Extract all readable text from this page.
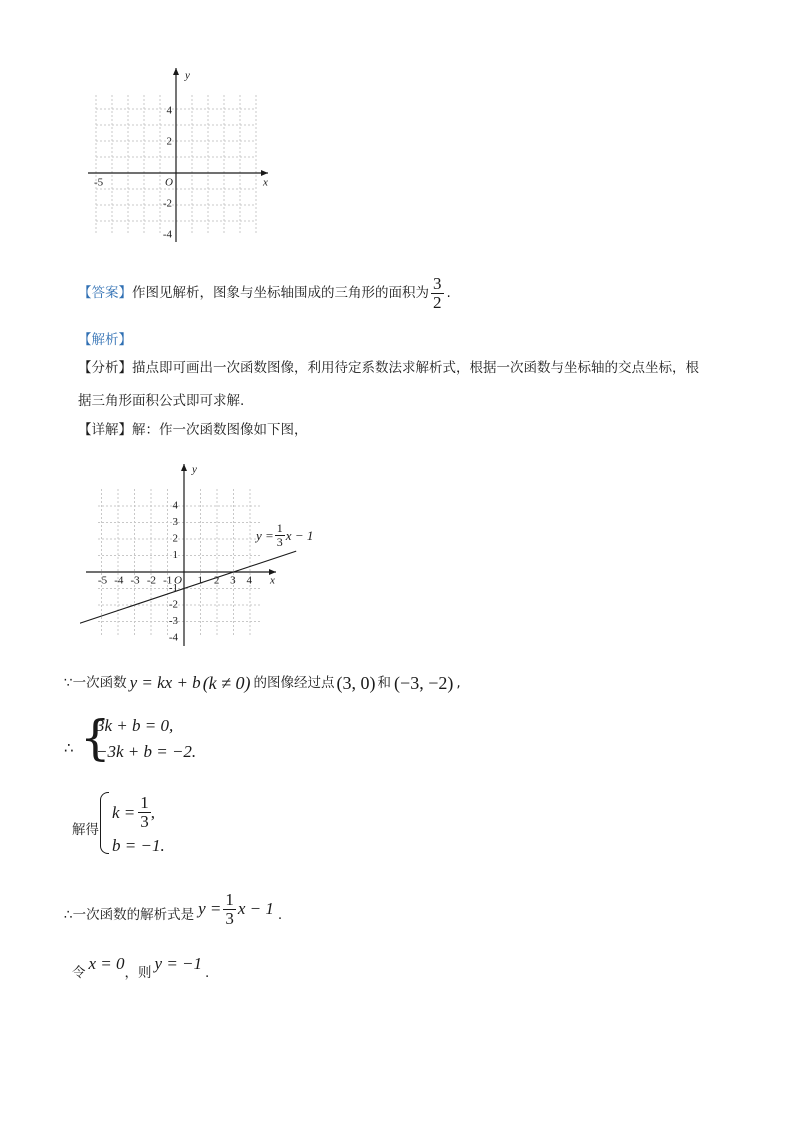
x
y
O
-5
4
2
-2
-4
【答案】 作图见解析，图象与坐标轴围成的三角形的面积为 $\frac{3}{2}$ .
【解析】
【分析】描点即可画出一次函数图像，利用待定系数法求解析式，根据一次函数与坐标轴的交点坐标，根
据三角形面积公式即可求解.
【详解】解：作一次函数图像如下图，
x
y
O
-5 -4 -3 -2 -1 1 2 3 4
4
3
2
1
-1
-2
-3
-4
$y = \frac{1}{3}$ x − 1
∵一次函数 y = kx + b (k ≠ 0) 的图像经过点 (3, 0) 和 (−3, −2) ,
∴ {
3k + b = 0,
−3k + b = −2.
解得
$k = \frac{1}{3}$ ,
b = −1.
∴一次函数的解析式是 $y = \frac{1}{3}$ x − 1 .
令 x = 0 ，则 y = −1 .
